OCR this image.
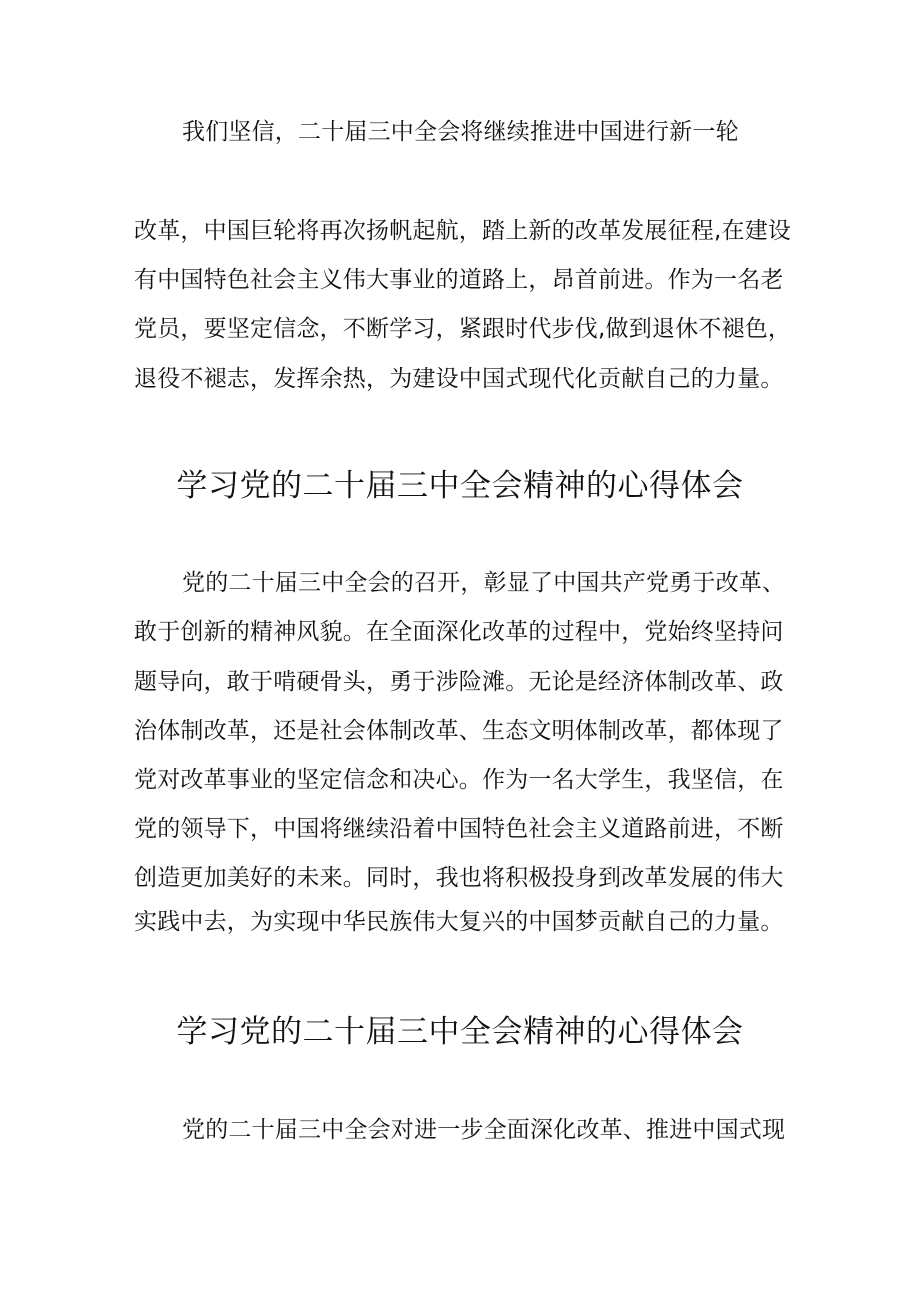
我们坚信，二十届三中全会将继续推进中国进行新一轮
改革，中国巨轮将再次扬帆起航，踏上新的改革发展征程,在建设
有中国特色社会主义伟大事业的道路上，昂首前进。作为一名老
党员，要坚定信念，不断学习，紧跟时代步伐,做到退休不褪色，
退役不褪志，发挥余热，为建设中国式现代化贡献自己的力量。
学习党的二十届三中全会精神的心得体会
党的二十届三中全会的召开，彰显了中国共产党勇于改革、
敢于创新的精神风貌。在全面深化改革的过程中，党始终坚持问
题导向，敢于啃硬骨头，勇于涉险滩。无论是经济体制改革、政
治体制改革，还是社会体制改革、生态文明体制改革，都体现了
党对改革事业的坚定信念和决心。作为一名大学生，我坚信，在
党的领导下，中国将继续沿着中国特色社会主义道路前进，不断
创造更加美好的未来。同时，我也将积极投身到改革发展的伟大
实践中去，为实现中华民族伟大复兴的中国梦贡献自己的力量。
学习党的二十届三中全会精神的心得体会
党的二十届三中全会对进一步全面深化改革、推进中国式现
